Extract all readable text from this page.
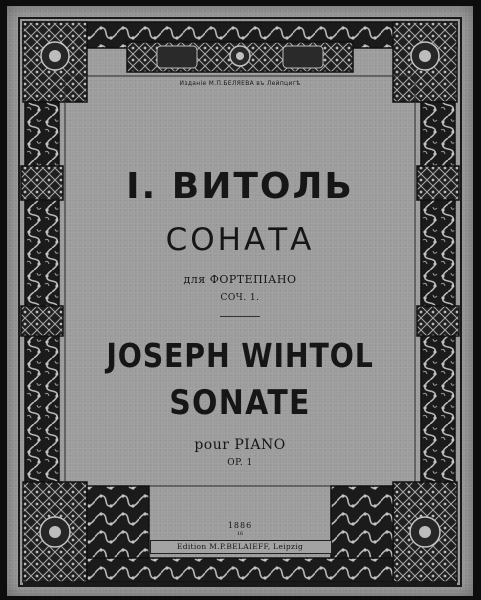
Изданiе М.П.БЕЛЯЕВА въ Лейпцигѣ
I. ВИТОЛЬ
СОНАТА
для ФОРТЕПIАНО
СОЧ. 1.
JOSEPH WIHTOL
SONATE
pour PIANO
OP. 1
1886
16
Edition M.P.BELAIEFF, Leipzig
